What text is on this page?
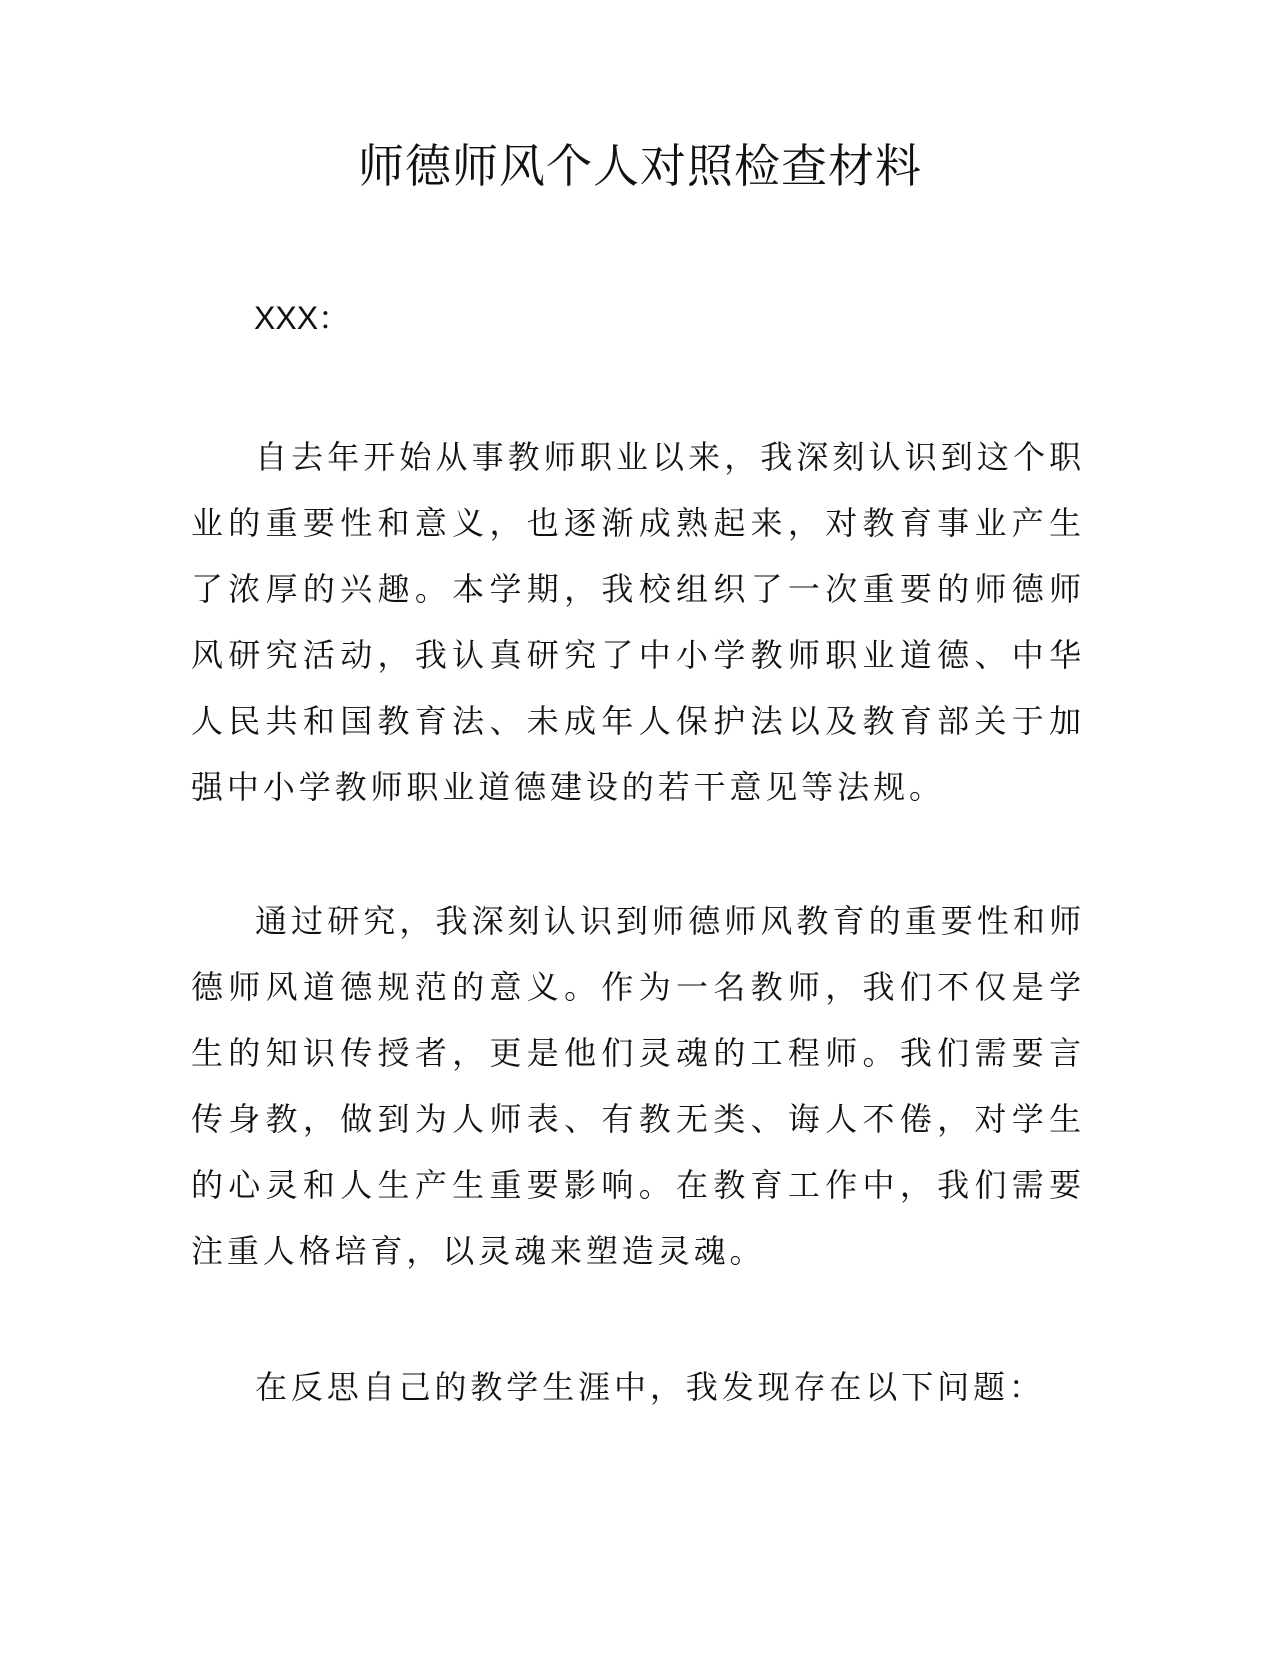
师德师风个人对照检查材料

XXX：

自去年开始从事教师职业以来，我深刻认识到这个职业的重要性和意义，也逐渐成熟起来，对教育事业产生了浓厚的兴趣。本学期，我校组织了一次重要的师德师风研究活动，我认真研究了中小学教师职业道德、中华人民共和国教育法、未成年人保护法以及教育部关于加强中小学教师职业道德建设的若干意见等法规。

通过研究，我深刻认识到师德师风教育的重要性和师德师风道德规范的意义。作为一名教师，我们不仅是学生的知识传授者，更是他们灵魂的工程师。我们需要言传身教，做到为人师表、有教无类、诲人不倦，对学生的心灵和人生产生重要影响。在教育工作中，我们需要注重人格培育，以灵魂来塑造灵魂。

在反思自己的教学生涯中，我发现存在以下问题：
